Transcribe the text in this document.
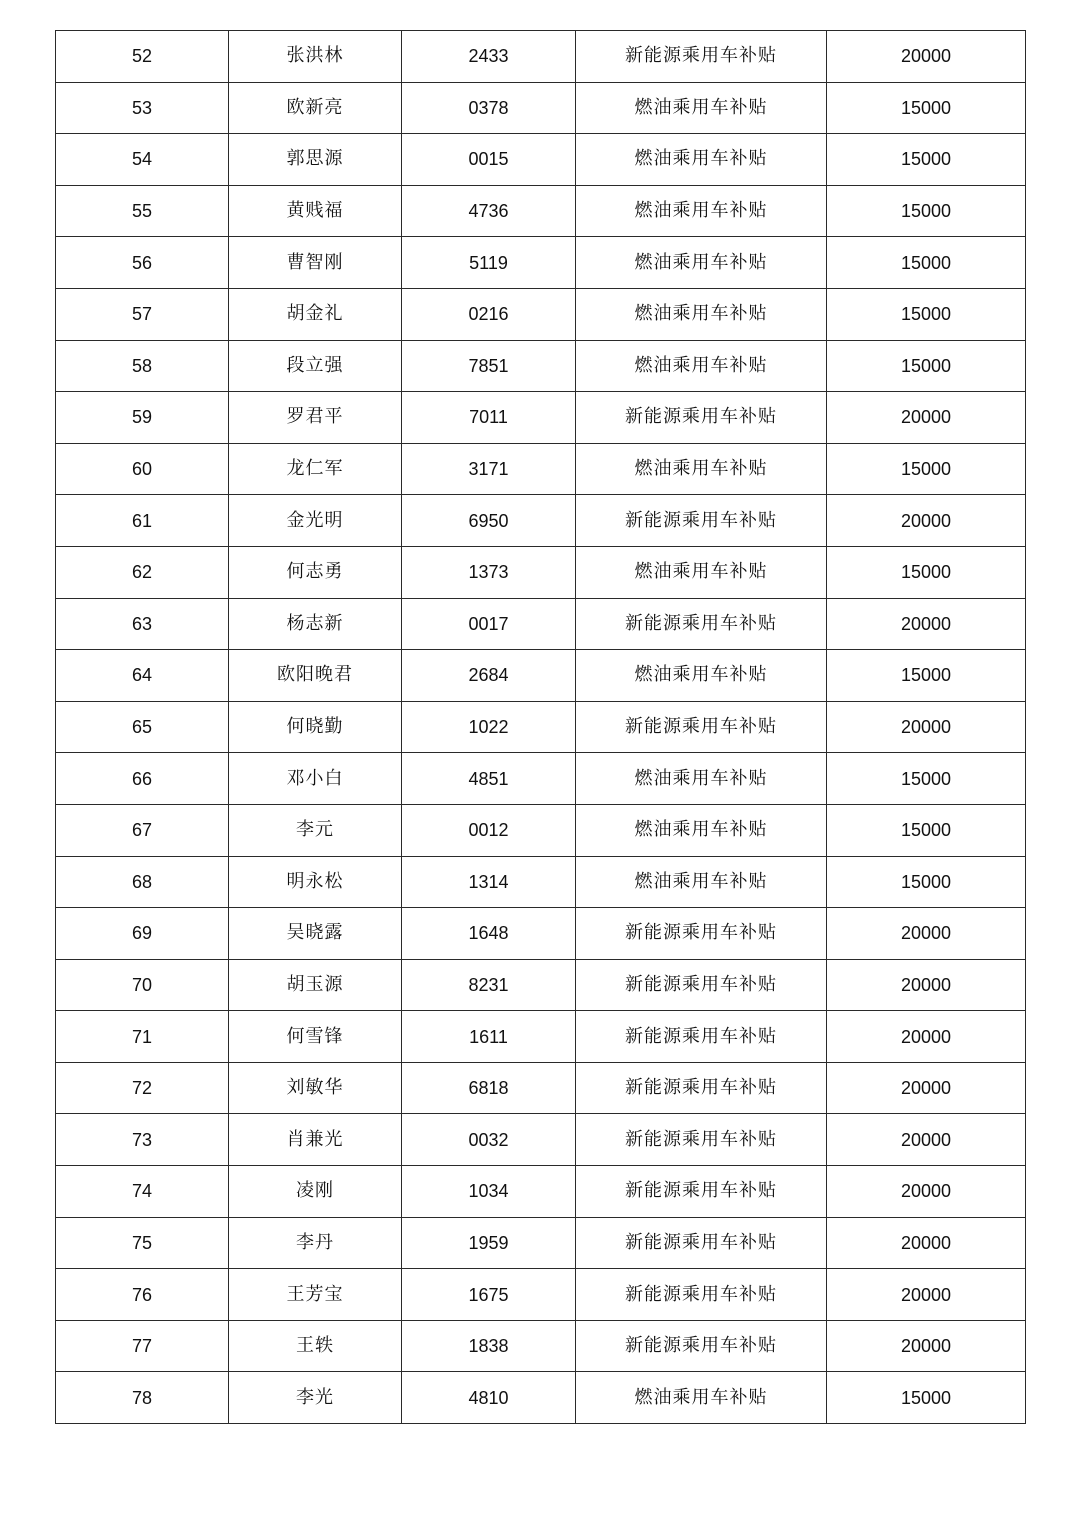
52	张洪林	2433	新能源乘用车补贴	20000
53	欧新亮	0378	燃油乘用车补贴	15000
54	郭思源	0015	燃油乘用车补贴	15000
55	黄贱福	4736	燃油乘用车补贴	15000
56	曹智刚	5119	燃油乘用车补贴	15000
57	胡金礼	0216	燃油乘用车补贴	15000
58	段立强	7851	燃油乘用车补贴	15000
59	罗君平	7011	新能源乘用车补贴	20000
60	龙仁军	3171	燃油乘用车补贴	15000
61	金光明	6950	新能源乘用车补贴	20000
62	何志勇	1373	燃油乘用车补贴	15000
63	杨志新	0017	新能源乘用车补贴	20000
64	欧阳晚君	2684	燃油乘用车补贴	15000
65	何晓勤	1022	新能源乘用车补贴	20000
66	邓小白	4851	燃油乘用车补贴	15000
67	李元	0012	燃油乘用车补贴	15000
68	明永松	1314	燃油乘用车补贴	15000
69	吴晓露	1648	新能源乘用车补贴	20000
70	胡玉源	8231	新能源乘用车补贴	20000
71	何雪锋	1611	新能源乘用车补贴	20000
72	刘敏华	6818	新能源乘用车补贴	20000
73	肖兼光	0032	新能源乘用车补贴	20000
74	凌刚	1034	新能源乘用车补贴	20000
75	李丹	1959	新能源乘用车补贴	20000
76	王芳宝	1675	新能源乘用车补贴	20000
77	王轶	1838	新能源乘用车补贴	20000
78	李光	4810	燃油乘用车补贴	15000
